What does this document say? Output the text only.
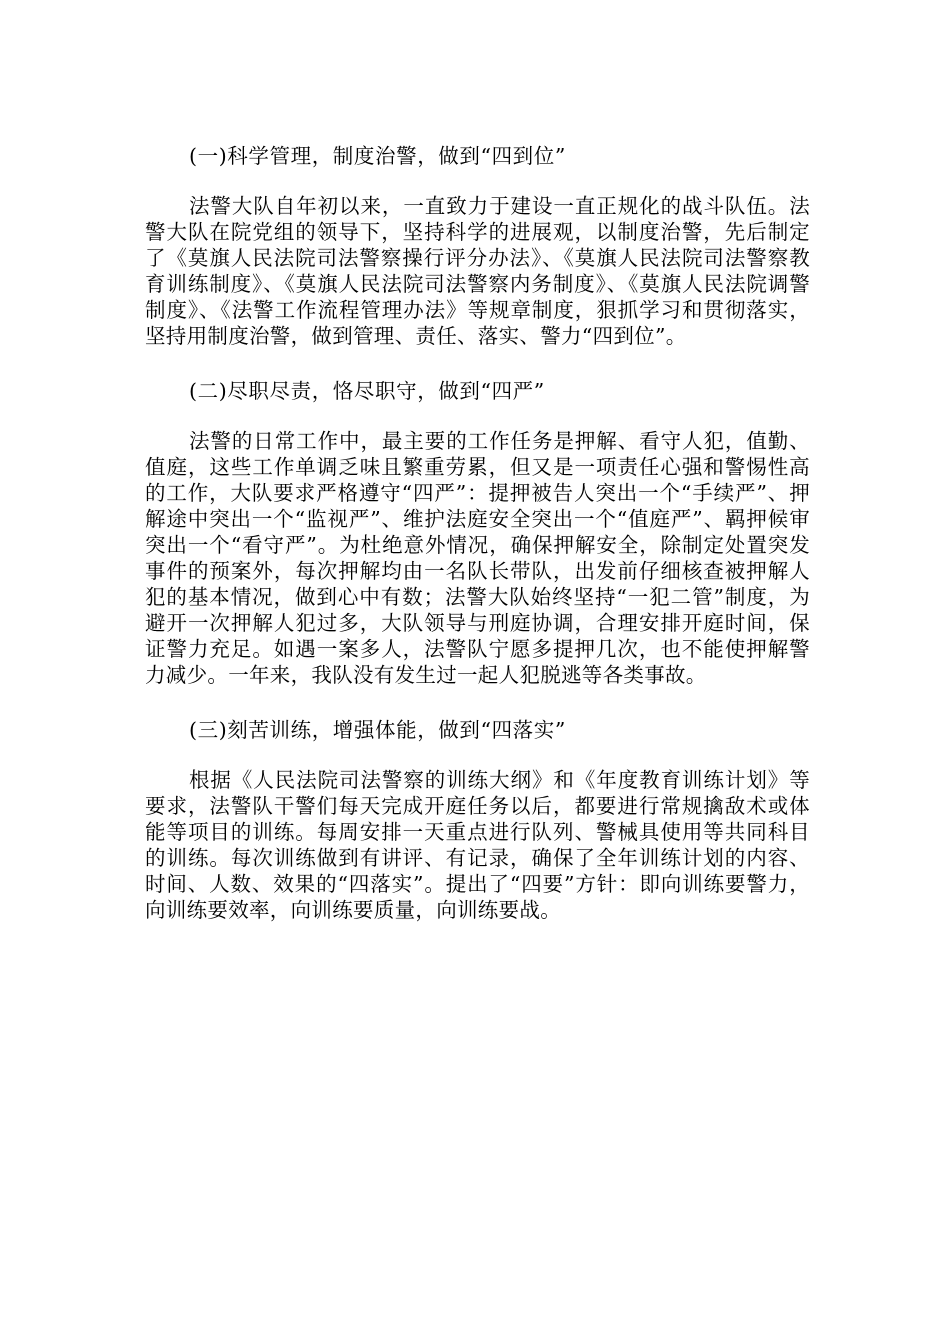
(一)科学管理，制度治警，做到“四到位”

法警大队自年初以来，一直致力于建设一直正规化的战斗队伍。法警大队在院党组的领导下，坚持科学的进展观，以制度治警，先后制定了《莫旗人民法院司法警察操行评分办法》、《莫旗人民法院司法警察教育训练制度》、《莫旗人民法院司法警察内务制度》、《莫旗人民法院调警制度》、《法警工作流程管理办法》等规章制度，狠抓学习和贯彻落实，坚持用制度治警，做到管理、责任、落实、警力“四到位”。

(二)尽职尽责，恪尽职守，做到“四严”

法警的日常工作中，最主要的工作任务是押解、看守人犯，值勤、值庭，这些工作单调乏味且繁重劳累，但又是一项责任心强和警惕性高的工作，大队要求严格遵守“四严”：提押被告人突出一个“手续严”、押解途中突出一个“监视严”、维护法庭安全突出一个“值庭严”、羁押候审突出一个“看守严”。为杜绝意外情况，确保押解安全，除制定处置突发事件的预案外，每次押解均由一名队长带队，出发前仔细核查被押解人犯的基本情况，做到心中有数；法警大队始终坚持“一犯二管”制度，为避开一次押解人犯过多，大队领导与刑庭协调，合理安排开庭时间，保证警力充足。如遇一案多人，法警队宁愿多提押几次，也不能使押解警力减少。一年来，我队没有发生过一起人犯脱逃等各类事故。

(三)刻苦训练，增强体能，做到“四落实”

根据《人民法院司法警察的训练大纲》和《年度教育训练计划》等要求，法警队干警们每天完成开庭任务以后，都要进行常规擒敌术或体能等项目的训练。每周安排一天重点进行队列、警械具使用等共同科目的训练。每次训练做到有讲评、有记录，确保了全年训练计划的内容、时间、人数、效果的“四落实”。提出了“四要”方针：即向训练要警力，向训练要效率，向训练要质量，向训练要战。
